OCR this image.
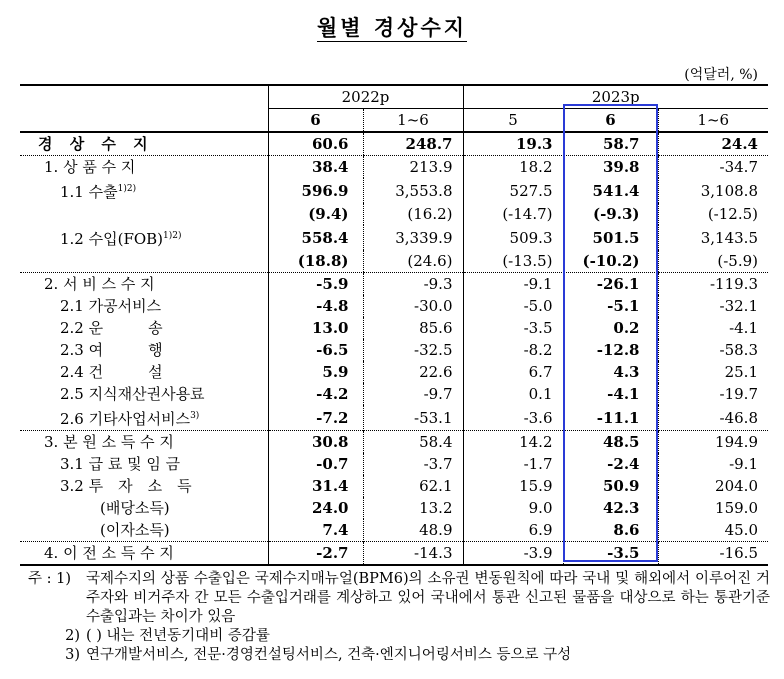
월별 경상수지
(억달러, %)
	2022p		2023p		
	6	1~6	5	6	1~6
경 상 수 지	60.6	248.7	19.3	58.7	24.4
1. 상 품 수 지	38.4	213.9	18.2	39.8	-34.7
1.1 수출$^{1)2)}$	596.9	3,553.8	527.5	541.4	3,108.8
	(9.4)	(16.2)	(-14.7)	(-9.3)	(-12.5)
1.2 수입(FOB)$^{1)2)}$	558.4	3,339.9	509.3	501.5	3,143.5
	(18.8)	(24.6)	(-13.5)	(-10.2)	(-5.9)
2. 서 비 스 수 지	-5.9	-9.3	-9.1	-26.1	-119.3
2.1 가공서비스	-4.8	-30.0	-5.0	-5.1	-32.1
2.2 운　　　송	13.0	85.6	-3.5	0.2	-4.1
2.3 여　　　행	-6.5	-32.5	-8.2	-12.8	-58.3
2.4 건　　　설	5.9	22.6	6.7	4.3	25.1
2.5 지식재산권사용료	-4.2	-9.7	0.1	-4.1	-19.7
2.6 기타사업서비스$^{3)}$	-7.2	-53.1	-3.6	-11.1	-46.8
3. 본 원 소 득 수 지	30.8	58.4	14.2	48.5	194.9
3.1 급 료 및 임 금	-0.7	-3.7	-1.7	-2.4	-9.1
3.2 투　자　소　득	31.4	62.1	15.9	50.9	204.0
(배당소득)	24.0	13.2	9.0	42.3	159.0
(이자소득)	7.4	48.9	6.9	8.6	45.0
4. 이 전 소 득 수 지	-2.7	-14.3	-3.9	-3.5	-16.5
주 : 1)	국제수지의 상품 수출입은 국제수지매뉴얼(BPM6)의 소유권 변동원칙에 따라 국내 및 해외에서 이루어진 거주자와 비거주자 간 모든 수출입거래를 계상하고 있어 국내에서 통관 신고된 물품을 대상으로 하는 통관기준 수출입과는 차이가 있음
2) ( ) 내는 전년동기대비 증감률
3) 연구개발서비스, 전문·경영컨설팅서비스, 건축·엔지니어링서비스 등으로 구성
